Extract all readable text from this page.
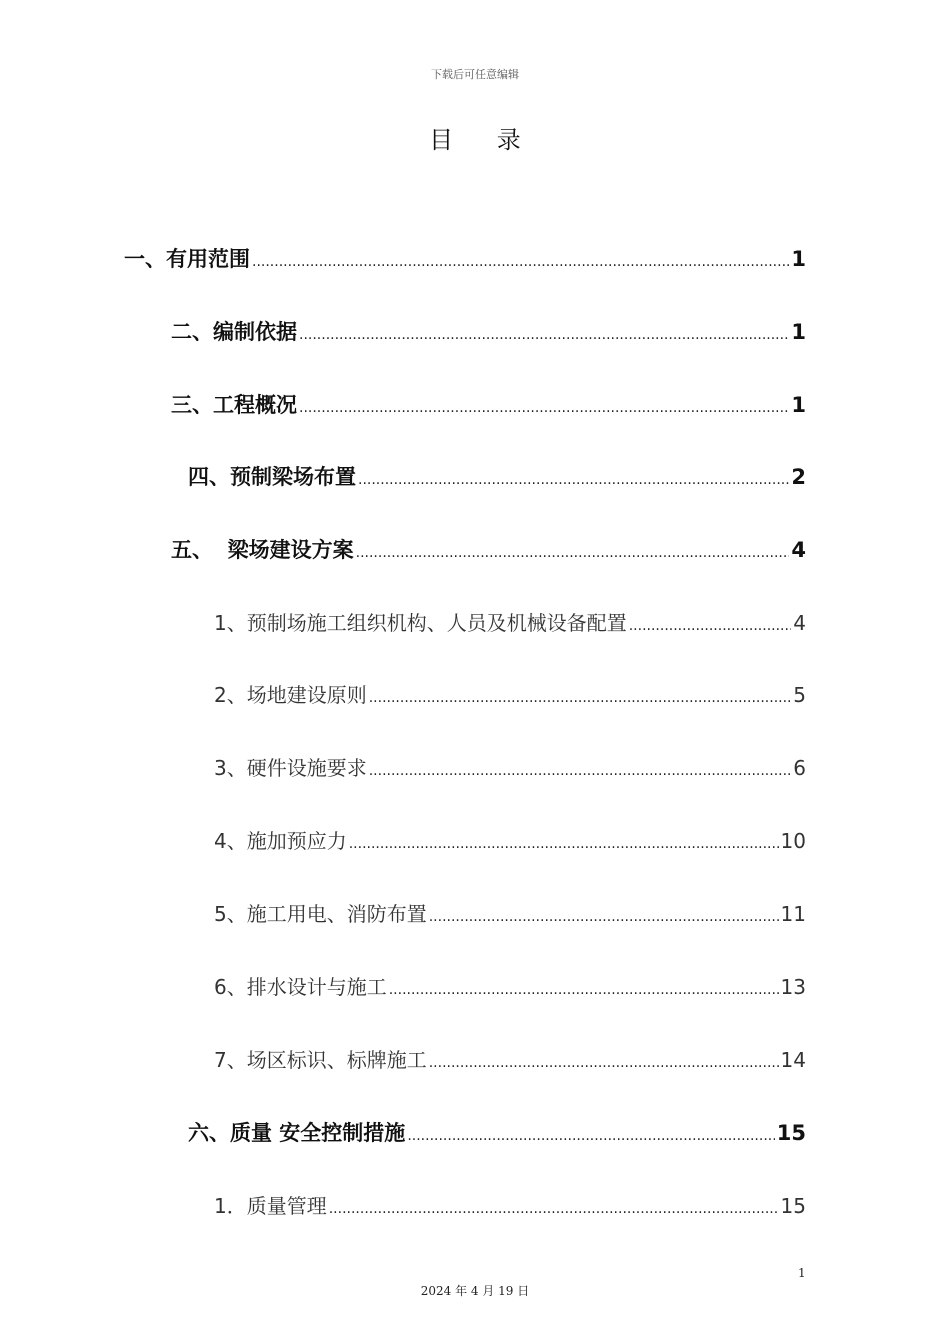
下载后可任意编辑
目 录
一、有用范围 .....	1
二、编制依据 .....	1
三、工程概况 .....	1
四、预制梁场布置 .....	2
五、  梁场建设方案 .....	4
1、预制场施工组织机构、人员及机械设备配置 .....	4
2、场地建设原则 .....	5
3、硬件设施要求 .....	6
4、施加预应力 .....	10
5、施工用电、消防布置 .....	11
6、排水设计与施工 .....	13
7、场区标识、标牌施工 .....	14
六、质量 安全控制措施 .....	15
1．质量管理 .....	15
1
2024 年 4 月 19 日
